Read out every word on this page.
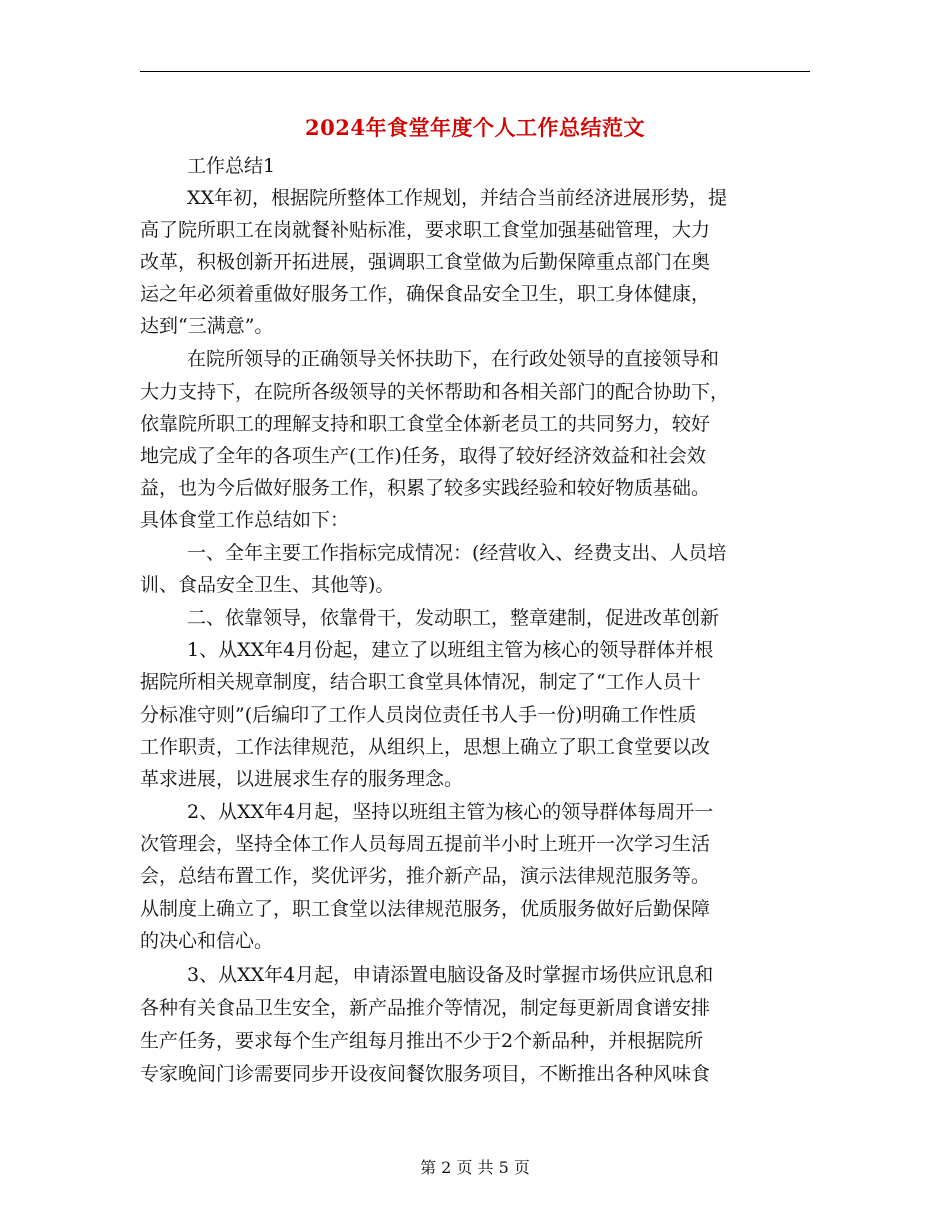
2024年食堂年度个人工作总结范文
工作总结1
XX年初，根据院所整体工作规划，并结合当前经济进展形势，提
高了院所职工在岗就餐补贴标准，要求职工食堂加强基础管理，大力
改革，积极创新开拓进展，强调职工食堂做为后勤保障重点部门在奥
运之年必须着重做好服务工作，确保食品安全卫生，职工身体健康，
达到“三满意”。
在院所领导的正确领导关怀扶助下，在行政处领导的直接领导和
大力支持下，在院所各级领导的关怀帮助和各相关部门的配合协助下，
依靠院所职工的理解支持和职工食堂全体新老员工的共同努力，较好
地完成了全年的各项生产(工作)任务，取得了较好经济效益和社会效
益，也为今后做好服务工作，积累了较多实践经验和较好物质基础。
具体食堂工作总结如下：
一、全年主要工作指标完成情况：(经营收入、经费支出、人员培
训、食品安全卫生、其他等)。
二、依靠领导，依靠骨干，发动职工，整章建制，促进改革创新
1、从XX年4月份起，建立了以班组主管为核心的领导群体并根
据院所相关规章制度，结合职工食堂具体情况，制定了“工作人员十
分标准守则”(后编印了工作人员岗位责任书人手一份)明确工作性质
工作职责，工作法律规范，从组织上，思想上确立了职工食堂要以改
革求进展，以进展求生存的服务理念。
2、从XX年4月起，坚持以班组主管为核心的领导群体每周开一
次管理会，坚持全体工作人员每周五提前半小时上班开一次学习生活
会，总结布置工作，奖优评劣，推介新产品，演示法律规范服务等。
从制度上确立了，职工食堂以法律规范服务，优质服务做好后勤保障
的决心和信心。
3、从XX年4月起，申请添置电脑设备及时掌握市场供应讯息和
各种有关食品卫生安全，新产品推介等情况，制定每更新周食谱安排
生产任务，要求每个生产组每月推出不少于2个新品种，并根据院所
专家晚间门诊需要同步开设夜间餐饮服务项目，不断推出各种风味食
第 2 页 共 5 页
